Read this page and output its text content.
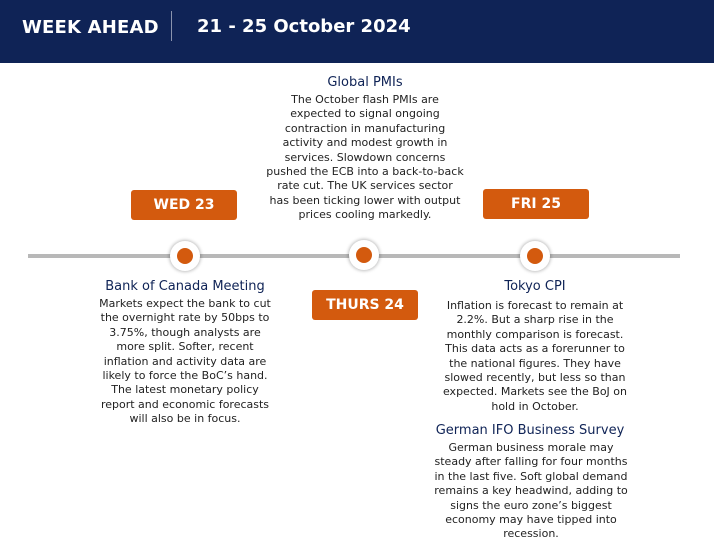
WEEK AHEAD 21 - 25 October 2024
Global PMIs
The October flash PMIs are expected to signal ongoing contraction in manufacturing activity and modest growth in services. Slowdown concerns pushed the ECB into a back-to-back rate cut. The UK services sector has been ticking lower with output prices cooling markedly.
WED 23	FRI 25
THURS 24
Bank of Canada Meeting
Markets expect the bank to cut the overnight rate by 50bps to 3.75%, though analysts are more split. Softer, recent inflation and activity data are likely to force the BoC’s hand. The latest monetary policy report and economic forecasts will also be in focus.
Tokyo CPI
Inflation is forecast to remain at 2.2%. But a sharp rise in the monthly comparison is forecast. This data acts as a forerunner to the national figures. They have slowed recently, but less so than expected. Markets see the BoJ on hold in October.
German IFO Business Survey
German business morale may steady after falling for four months in the last five. Soft global demand remains a key headwind, adding to signs the euro zone’s biggest economy may have tipped into recession.
